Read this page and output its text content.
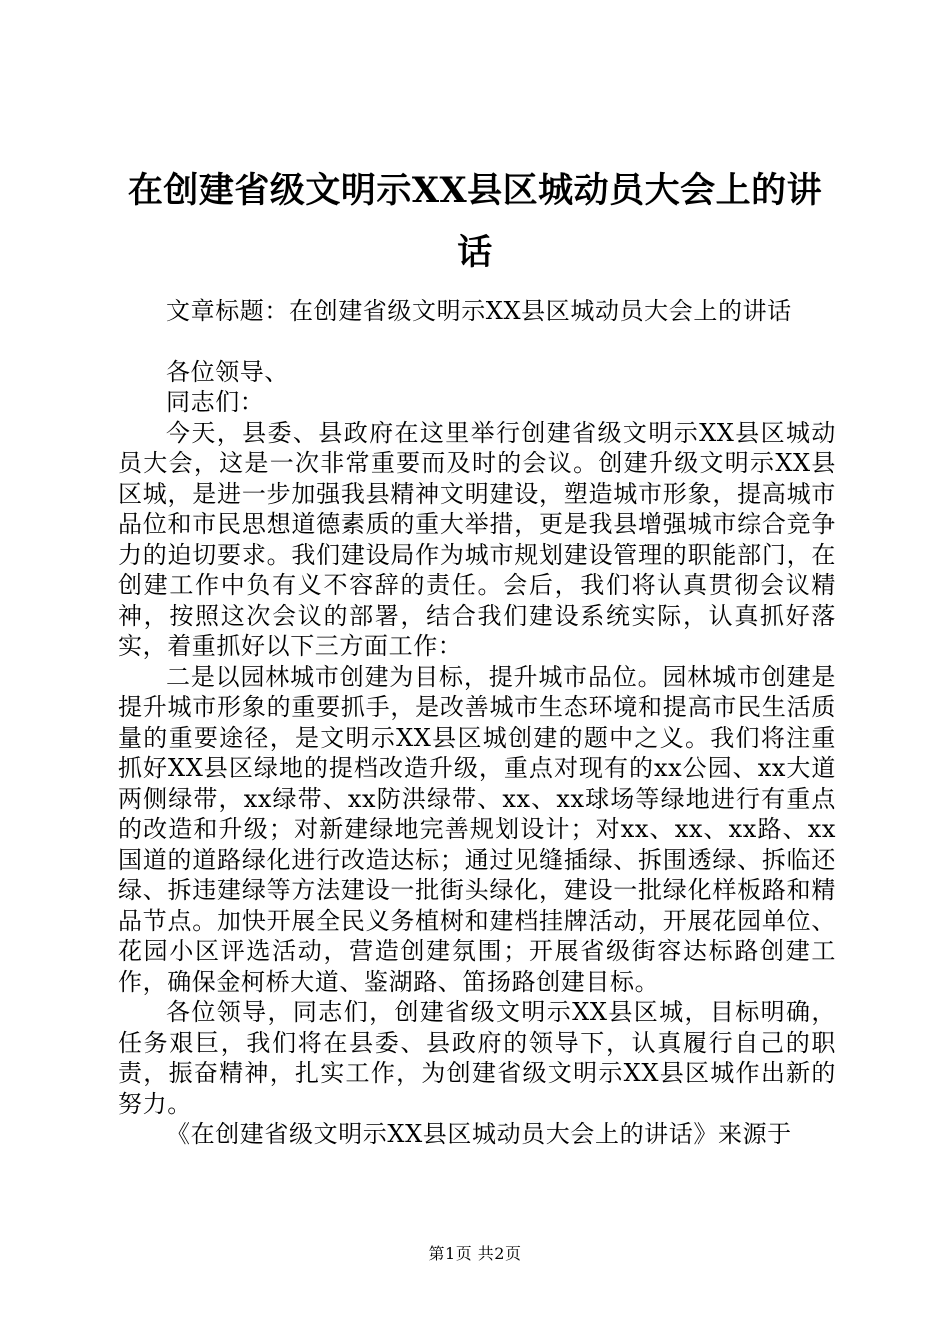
在创建省级文明示XX县区城动员大会上的讲话

文章标题：在创建省级文明示XX县区城动员大会上的讲话

各位领导、

同志们：

今天，县委、县政府在这里举行创建省级文明示XX县区城动员大会，这是一次非常重要而及时的会议。创建升级文明示XX县区城，是进一步加强我县精神文明建设，塑造城市形象，提高城市品位和市民思想道德素质的重大举措，更是我县增强城市综合竞争力的迫切要求。我们建设局作为城市规划建设管理的职能部门，在创建工作中负有义不容辞的责任。会后，我们将认真贯彻会议精神，按照这次会议的部署，结合我们建设系统实际，认真抓好落实，着重抓好以下三方面工作：

二是以园林城市创建为目标，提升城市品位。园林城市创建是提升城市形象的重要抓手，是改善城市生态环境和提高市民生活质量的重要途径，是文明示XX县区城创建的题中之义。我们将注重抓好XX县区绿地的提档改造升级，重点对现有的xx公园、xx大道两侧绿带，xx绿带、xx防洪绿带、xx、xx球场等绿地进行有重点的改造和升级；对新建绿地完善规划设计；对xx、xx、xx路、xx国道的道路绿化进行改造达标；通过见缝插绿、拆围透绿、拆临还绿、拆违建绿等方法建设一批街头绿化，建设一批绿化样板路和精品节点。加快开展全民义务植树和建档挂牌活动，开展花园单位、花园小区评选活动，营造创建氛围；开展省级街容达标路创建工作，确保金柯桥大道、鉴湖路、笛扬路创建目标。

各位领导，同志们，创建省级文明示XX县区城，目标明确，任务艰巨，我们将在县委、县政府的领导下，认真履行自己的职责，振奋精神，扎实工作，为创建省级文明示XX县区城作出新的努力。

《在创建省级文明示XX县区城动员大会上的讲话》来源于

第1页 共2页
